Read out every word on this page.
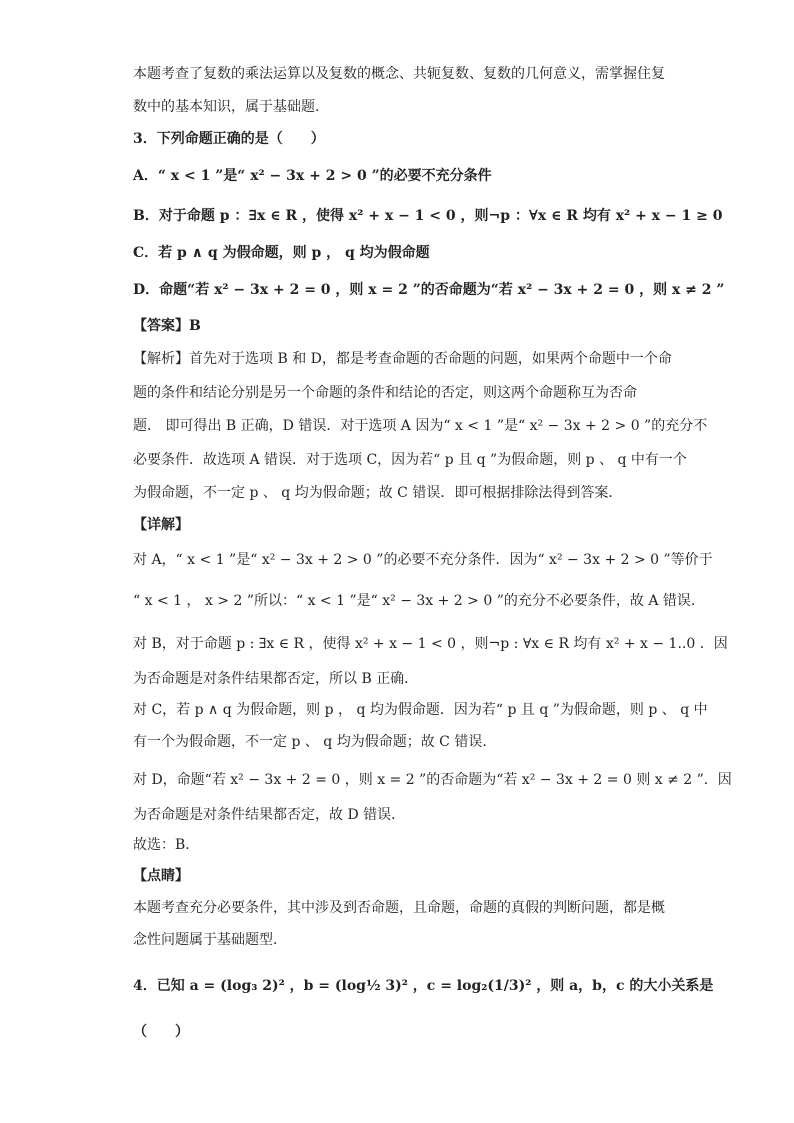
本题考查了复数的乘法运算以及复数的概念、共轭复数、复数的几何意义，需掌握住复
数中的基本知识，属于基础题.
3．下列命题正确的是（　　）
A．“ x < 1 ”是“ x² − 3x + 2 > 0 ”的必要不充分条件
B．对于命题 p ：∃x ∈ R ，使得 x² + x − 1 < 0 ，则¬p ：∀x ∈ R 均有 x² + x − 1 ≥ 0
C．若 p ∧ q 为假命题，则 p ， q 均为假命题
D．命题“若 x² − 3x + 2 = 0 ，则 x = 2 ”的否命题为“若 x² − 3x + 2 = 0 ，则 x ≠ 2 ”
【答案】B
【解析】首先对于选项 B 和 D，都是考查命题的否命题的问题，如果两个命题中一个命
题的条件和结论分别是另一个命题的条件和结论的否定，则这两个命题称互为否命
题． 即可得出 B 正确，D 错误．对于选项 A 因为“ x < 1 ”是“ x² − 3x + 2 > 0 ”的充分不
必要条件．故选项 A 错误．对于选项 C，因为若“ p 且 q ”为假命题，则 p 、 q 中有一个
为假命题，不一定 p 、 q 均为假命题；故 C 错误．即可根据排除法得到答案．
【详解】
对 A，“ x < 1 ”是“ x² − 3x + 2 > 0 ”的必要不充分条件．因为“ x² − 3x + 2 > 0 ”等价于
“ x < 1 ， x > 2 ”所以：“ x < 1 ”是“ x² − 3x + 2 > 0 ”的充分不必要条件，故 A 错误．
对 B，对于命题 p : ∃x ∈ R ，使得 x² + x − 1 < 0 ，则¬p : ∀x ∈ R 均有 x² + x − 1..0 ．因
为否命题是对条件结果都否定，所以 B 正确．
对 C，若 p ∧ q 为假命题，则 p ， q 均为假命题．因为若“ p 且 q ”为假命题，则 p 、 q 中
有一个为假命题，不一定 p 、 q 均为假命题；故 C 错误．
对 D，命题“若 x² − 3x + 2 = 0 ，则 x = 2 ”的否命题为“若 x² − 3x + 2 = 0 则 x ≠ 2 ”．因
为否命题是对条件结果都否定，故 D 错误．
故选：B．
【点睛】
本题考查充分必要条件，其中涉及到否命题，且命题，命题的真假的判断问题，都是概
念性问题属于基础题型．
4．已知 a = (log₃ 2)² ，b = (log½ 3)² ，c = log₂(1/3)² ，则 a，b，c 的大小关系是
（　　）
